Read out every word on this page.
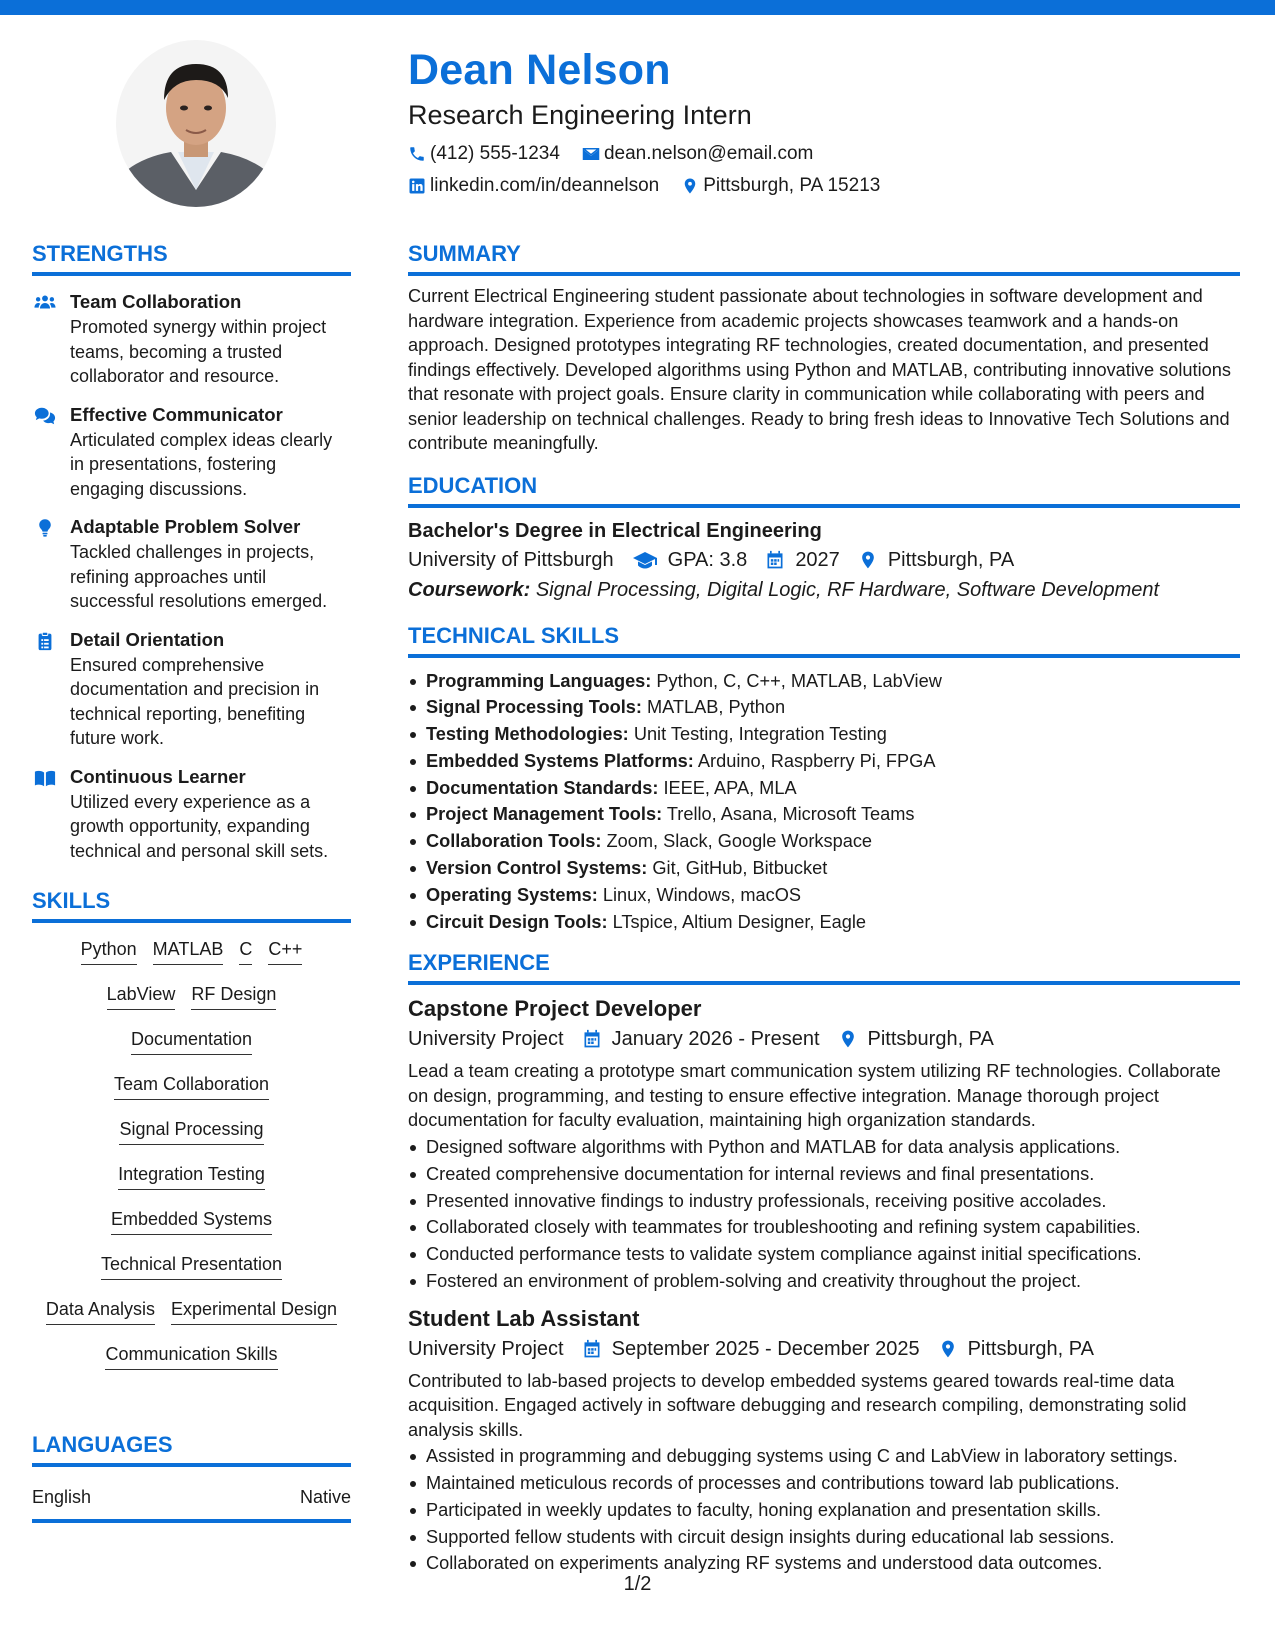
Dean Nelson
Research Engineering Intern
(412) 555-1234 dean.nelson@email.com
linkedin.com/in/deannelson Pittsburgh, PA 15213
STRENGTHS
Team Collaboration
Promoted synergy within project teams, becoming a trusted collaborator and resource.
Effective Communicator
Articulated complex ideas clearly in presentations, fostering engaging discussions.
Adaptable Problem Solver
Tackled challenges in projects, refining approaches until successful resolutions emerged.
Detail Orientation
Ensured comprehensive documentation and precision in technical reporting, benefiting future work.
Continuous Learner
Utilized every experience as a growth opportunity, expanding technical and personal skill sets.
SKILLS
Python MATLAB C C++
LabView RF Design
Documentation
Team Collaboration
Signal Processing
Integration Testing
Embedded Systems
Technical Presentation
Data Analysis Experimental Design
Communication Skills
LANGUAGES
English	Native
SUMMARY
Current Electrical Engineering student passionate about technologies in software development and hardware integration. Experience from academic projects showcases teamwork and a hands-on approach. Designed prototypes integrating RF technologies, created documentation, and presented findings effectively. Developed algorithms using Python and MATLAB, contributing innovative solutions that resonate with project goals. Ensure clarity in communication while collaborating with peers and senior leadership on technical challenges. Ready to bring fresh ideas to Innovative Tech Solutions and contribute meaningfully.
EDUCATION
Bachelor's Degree in Electrical Engineering
University of Pittsburgh	GPA: 3.8 2027 Pittsburgh, PA
Coursework: Signal Processing, Digital Logic, RF Hardware, Software Development
TECHNICAL SKILLS
Programming Languages: Python, C, C++, MATLAB, LabView
Signal Processing Tools: MATLAB, Python
Testing Methodologies: Unit Testing, Integration Testing
Embedded Systems Platforms: Arduino, Raspberry Pi, FPGA
Documentation Standards: IEEE, APA, MLA
Project Management Tools: Trello, Asana, Microsoft Teams
Collaboration Tools: Zoom, Slack, Google Workspace
Version Control Systems: Git, GitHub, Bitbucket
Operating Systems: Linux, Windows, macOS
Circuit Design Tools: LTspice, Altium Designer, Eagle
EXPERIENCE
Capstone Project Developer
University Project January 2026 - Present Pittsburgh, PA
Lead a team creating a prototype smart communication system utilizing RF technologies. Collaborate on design, programming, and testing to ensure effective integration. Manage thorough project documentation for faculty evaluation, maintaining high organization standards.
Designed software algorithms with Python and MATLAB for data analysis applications.
Created comprehensive documentation for internal reviews and final presentations.
Presented innovative findings to industry professionals, receiving positive accolades.
Collaborated closely with teammates for troubleshooting and refining system capabilities.
Conducted performance tests to validate system compliance against initial specifications.
Fostered an environment of problem-solving and creativity throughout the project.
Student Lab Assistant
University Project September 2025 - December 2025 Pittsburgh, PA
Contributed to lab-based projects to develop embedded systems geared towards real-time data acquisition. Engaged actively in software debugging and research compiling, demonstrating solid analysis skills.
Assisted in programming and debugging systems using C and LabView in laboratory settings.
Maintained meticulous records of processes and contributions toward lab publications.
Participated in weekly updates to faculty, honing explanation and presentation skills.
Supported fellow students with circuit design insights during educational lab sessions.
Collaborated on experiments analyzing RF systems and understood data outcomes.
1/2
